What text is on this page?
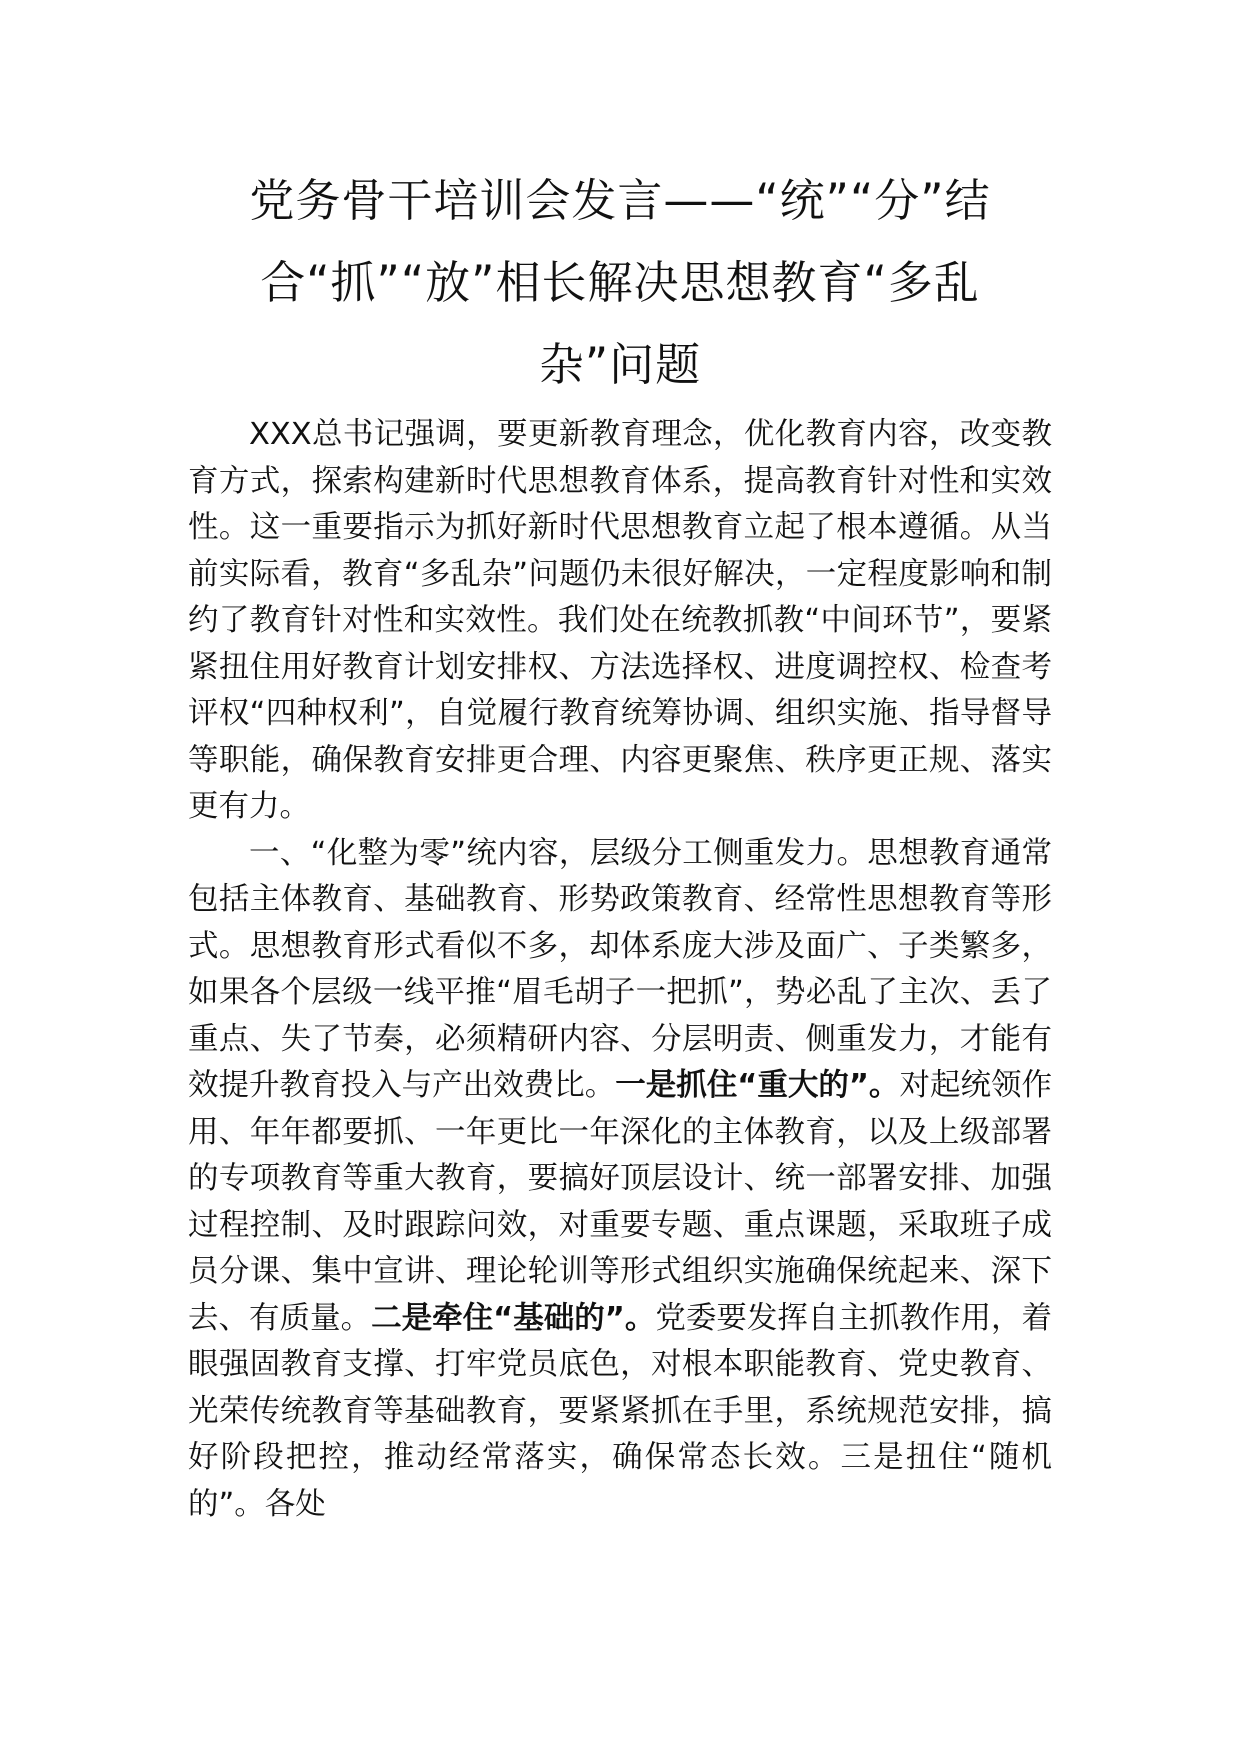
党务骨干培训会发言——“统”“分”结
合“抓”“放”相长解决思想教育“多乱
杂”问题

XXX总书记强调，要更新教育理念，优化教育内容，改变教育方式，探索构建新时代思想教育体系，提高教育针对性和实效性。这一重要指示为抓好新时代思想教育立起了根本遵循。从当前实际看，教育“多乱杂”问题仍未很好解决，一定程度影响和制约了教育针对性和实效性。我们处在统教抓教“中间环节”，要紧紧扭住用好教育计划安排权、方法选择权、进度调控权、检查考评权“四种权利”，自觉履行教育统筹协调、组织实施、指导督导等职能，确保教育安排更合理、内容更聚焦、秩序更正规、落实更有力。

一、“化整为零”统内容，层级分工侧重发力。思想教育通常包括主体教育、基础教育、形势政策教育、经常性思想教育等形式。思想教育形式看似不多，却体系庞大涉及面广、子类繁多，如果各个层级一线平推“眉毛胡子一把抓”，势必乱了主次、丢了重点、失了节奏，必须精研内容、分层明责、侧重发力，才能有效提升教育投入与产出效费比。一是抓住“重大的”。对起统领作用、年年都要抓、一年更比一年深化的主体教育，以及上级部署的专项教育等重大教育，要搞好顶层设计、统一部署安排、加强过程控制、及时跟踪问效，对重要专题、重点课题，采取班子成员分课、集中宣讲、理论轮训等形式组织实施确保统起来、深下去、有质量。二是牵住“基础的”。党委要发挥自主抓教作用，着眼强固教育支撑、打牢党员底色，对根本职能教育、党史教育、光荣传统教育等基础教育，要紧紧抓在手里，系统规范安排，搞好阶段把控，推动经常落实，确保常态长效。三是扭住“随机的”。各处
